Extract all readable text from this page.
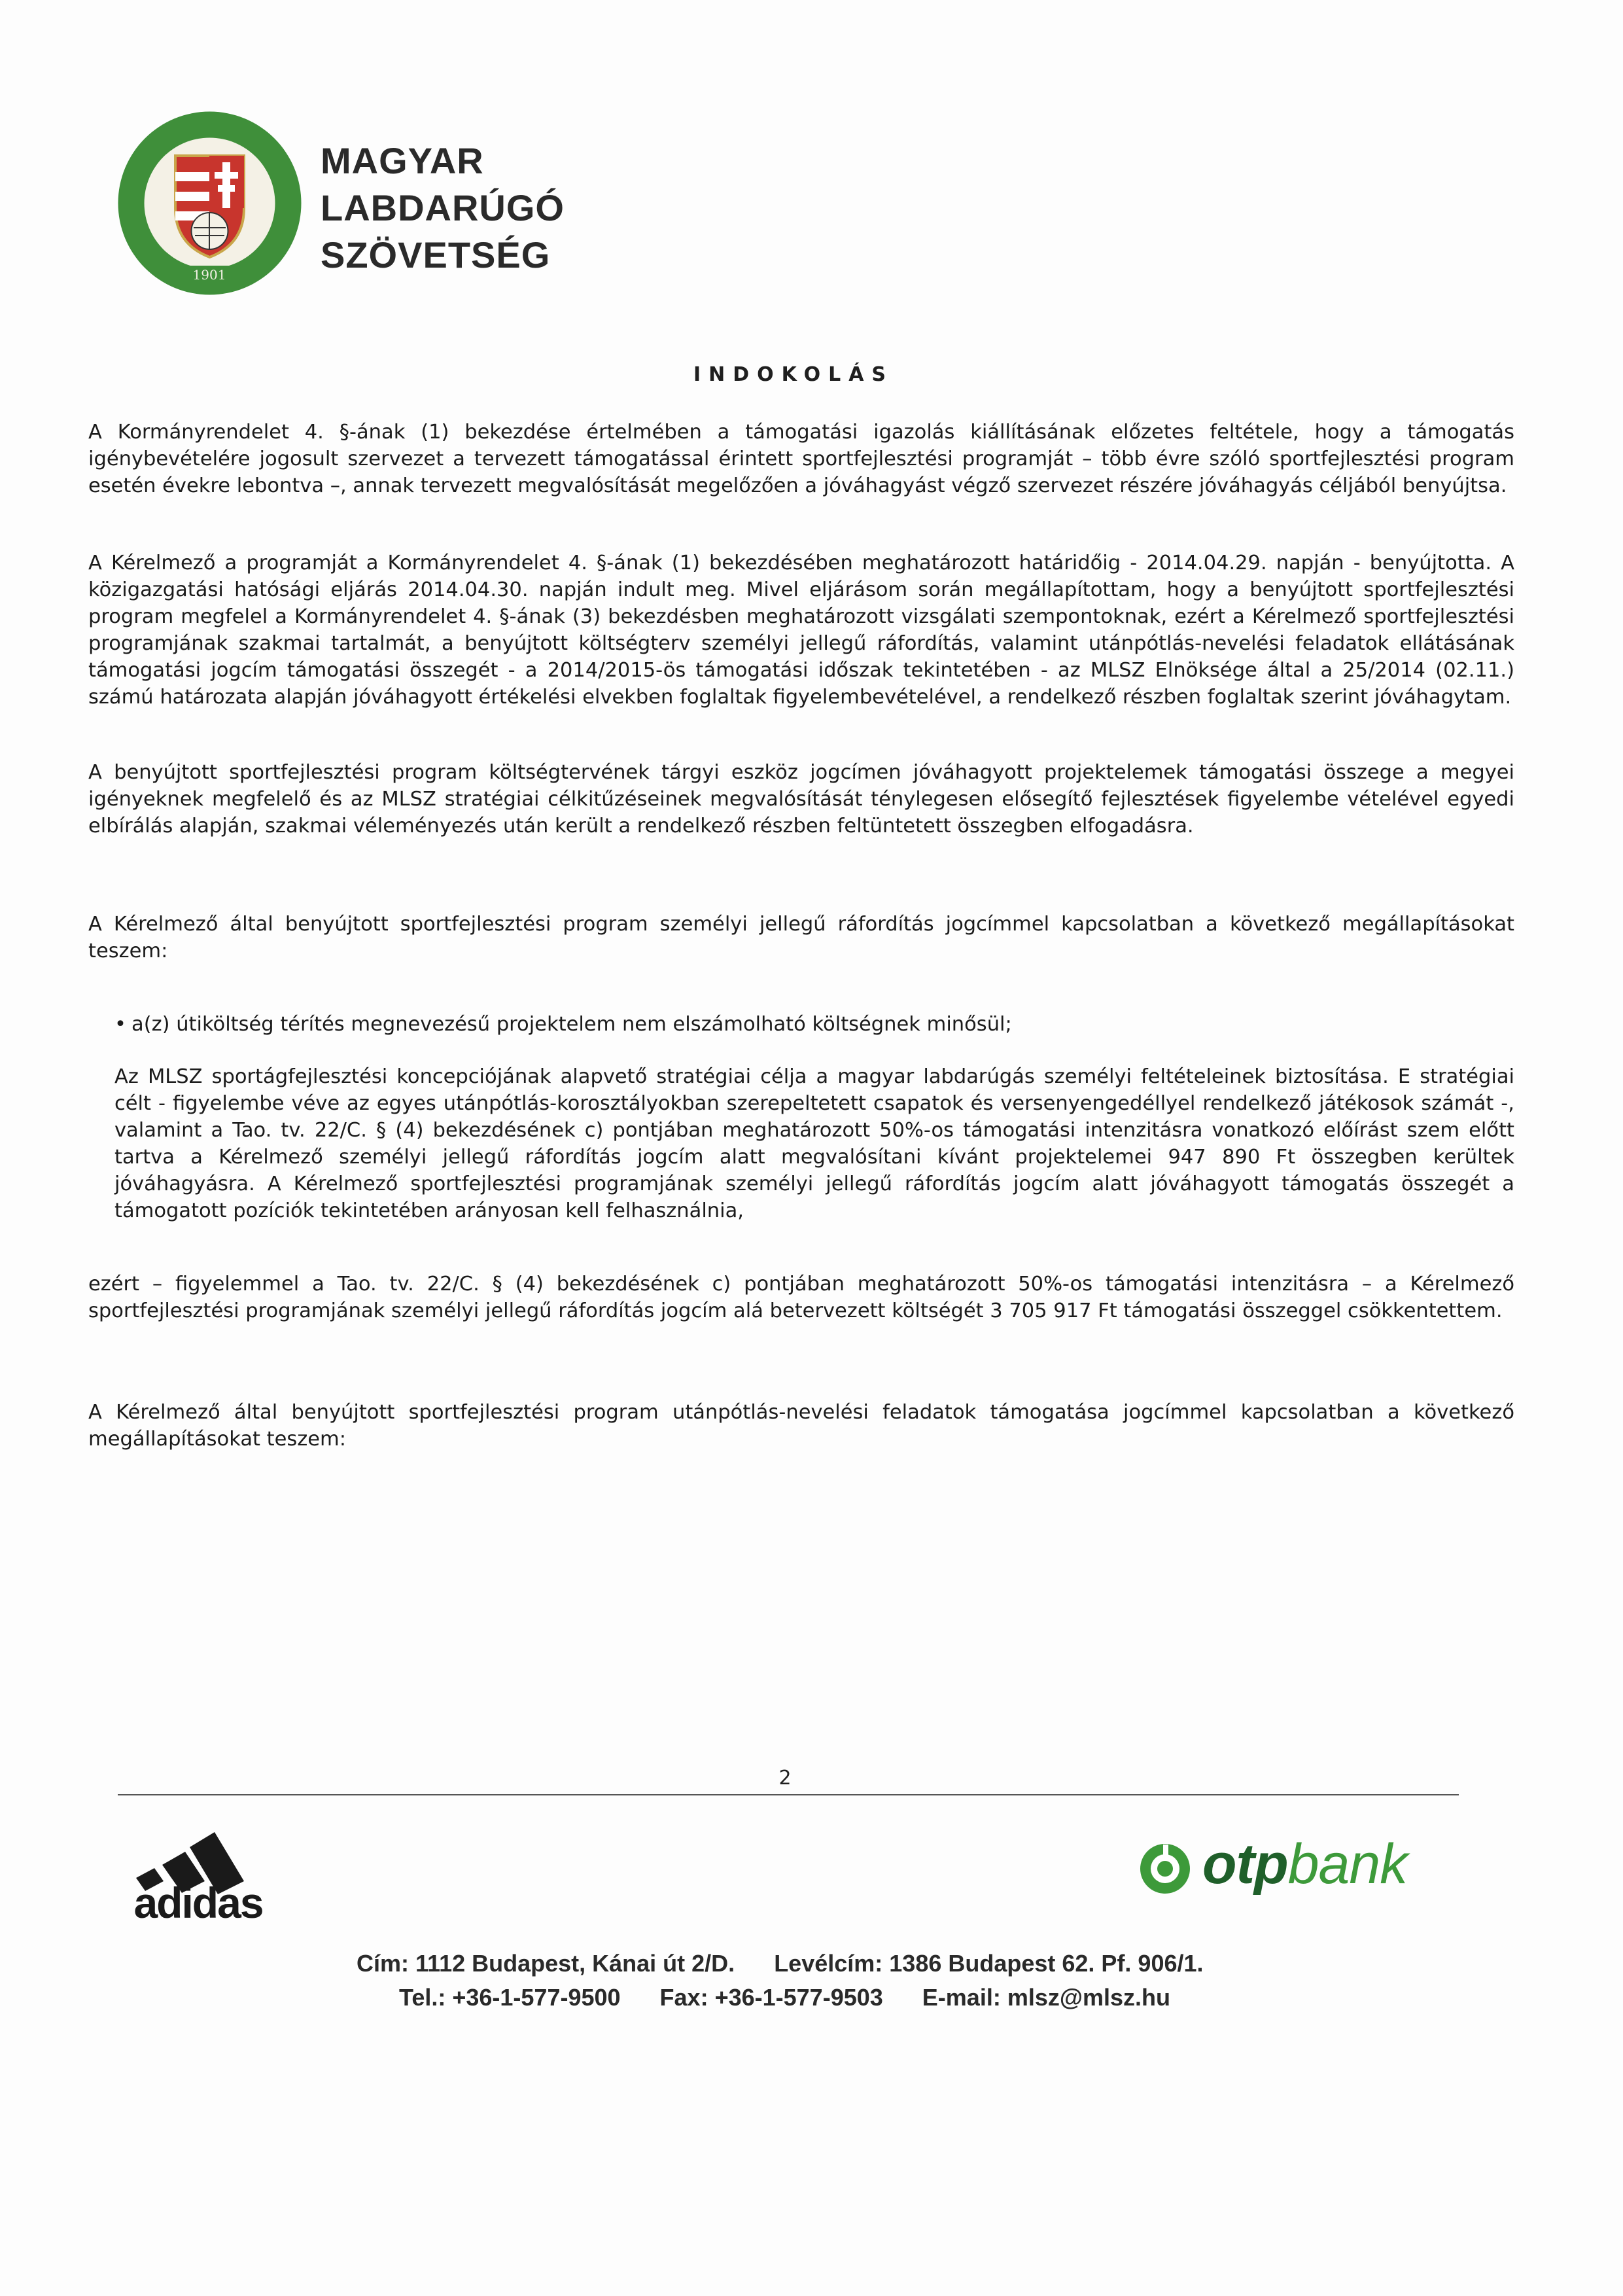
1901
MAGYAR
LABDARÚGÓ
SZÖVETSÉG
INDOKOLÁS

A Kormányrendelet 4. §-ának (1) bekezdése értelmében a támogatási igazolás kiállításának előzetes feltétele, hogy a támogatás igénybevételére jogosult szervezet a tervezett támogatással érintett sportfejlesztési programját – több évre szóló sportfejlesztési program esetén évekre lebontva –, annak tervezett megvalósítását megelőzően a jóváhagyást végző szervezet részére jóváhagyás céljából benyújtsa.

A Kérelmező a programját a Kormányrendelet 4. §-ának (1) bekezdésében meghatározott határidőig - 2014.04.29. napján - benyújtotta. A közigazgatási hatósági eljárás 2014.04.30. napján indult meg. Mivel eljárásom során megállapítottam, hogy a benyújtott sportfejlesztési program megfelel a Kormányrendelet 4. §-ának (3) bekezdésben meghatározott vizsgálati szempontoknak, ezért a Kérelmező sportfejlesztési programjának szakmai tartalmát, a benyújtott költségterv személyi jellegű ráfordítás, valamint utánpótlás-nevelési feladatok ellátásának támogatási jogcím támogatási összegét - a 2014/2015-ös támogatási időszak tekintetében - az MLSZ Elnöksége által a 25/2014 (02.11.) számú határozata alapján jóváhagyott értékelési elvekben foglaltak figyelembevételével, a rendelkező részben foglaltak szerint jóváhagytam.

A benyújtott sportfejlesztési program költségtervének tárgyi eszköz jogcímen jóváhagyott projektelemek támogatási összege a megyei igényeknek megfelelő és az MLSZ stratégiai célkitűzéseinek megvalósítását ténylegesen elősegítő fejlesztések figyelembe vételével egyedi elbírálás alapján, szakmai véleményezés után került a rendelkező részben feltüntetett összegben elfogadásra.

A Kérelmező által benyújtott sportfejlesztési program személyi jellegű ráfordítás jogcímmel kapcsolatban a következő megállapításokat teszem:

• a(z) útiköltség térítés megnevezésű projektelem nem elszámolható költségnek minősül;

Az MLSZ sportágfejlesztési koncepciójának alapvető stratégiai célja a magyar labdarúgás személyi feltételeinek biztosítása. E stratégiai célt - figyelembe véve az egyes utánpótlás-korosztályokban szerepeltetett csapatok és versenyengedéllyel rendelkező játékosok számát -, valamint a Tao. tv. 22/C. § (4) bekezdésének c) pontjában meghatározott 50%-os támogatási intenzitásra vonatkozó előírást szem előtt tartva a Kérelmező személyi jellegű ráfordítás jogcím alatt megvalósítani kívánt projektelemei 947 890 Ft összegben kerültek jóváhagyásra. A Kérelmező sportfejlesztési programjának személyi jellegű ráfordítás jogcím alatt jóváhagyott támogatás összegét a támogatott pozíciók tekintetében arányosan kell felhasználnia,

ezért – figyelemmel a Tao. tv. 22/C. § (4) bekezdésének c) pontjában meghatározott 50%-os támogatási intenzitásra – a Kérelmező sportfejlesztési programjának személyi jellegű ráfordítás jogcím alá betervezett költségét 3 705 917 Ft támogatási összeggel csökkentettem.

A Kérelmező által benyújtott sportfejlesztési program utánpótlás-nevelési feladatok támogatása jogcímmel kapcsolatban a következő megállapításokat teszem:

2
adidas
otpbank
Cím: 1112 Budapest, Kánai út 2/D.      Levélcím: 1386 Budapest 62. Pf. 906/1.
Tel.: +36-1-577-9500      Fax: +36-1-577-9503      E-mail: mlsz@mlsz.hu
